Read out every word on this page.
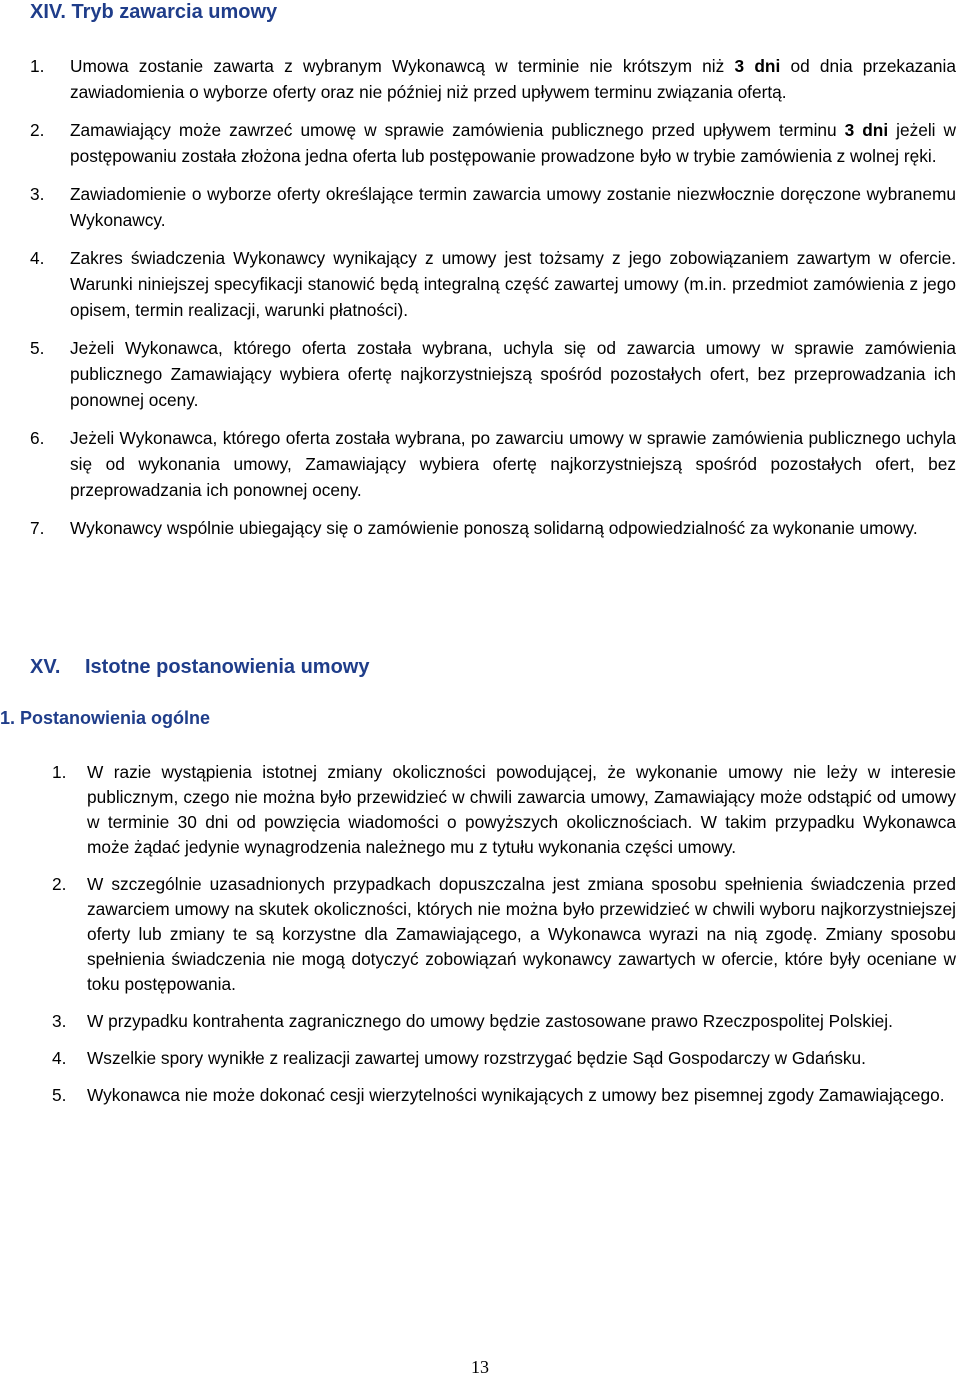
XIV. Tryb zawarcia umowy
1.	Umowa zostanie zawarta z wybranym Wykonawcą w terminie nie krótszym niż 3 dni od dnia przekazania zawiadomienia o wyborze oferty oraz nie później niż przed upływem terminu związania ofertą.
2.	Zamawiający może zawrzeć umowę w sprawie zamówienia publicznego przed upływem terminu 3 dni jeżeli w postępowaniu została złożona jedna oferta lub postępowanie prowadzone było w trybie zamówienia z wolnej ręki.
3.	Zawiadomienie o wyborze oferty określające termin zawarcia umowy zostanie niezwłocznie doręczone wybranemu Wykonawcy.
4.	Zakres świadczenia Wykonawcy wynikający z umowy jest tożsamy z jego zobowiązaniem zawartym w ofercie. Warunki niniejszej specyfikacji stanowić będą integralną część zawartej umowy (m.in. przedmiot zamówienia z jego opisem, termin realizacji, warunki płatności).
5.	Jeżeli Wykonawca, którego oferta została wybrana, uchyla się od zawarcia umowy w sprawie zamówienia publicznego Zamawiający wybiera ofertę najkorzystniejszą spośród pozostałych ofert, bez przeprowadzania ich ponownej oceny.
6.	Jeżeli Wykonawca, którego oferta została wybrana, po zawarciu umowy w sprawie zamówienia publicznego uchyla się od wykonania umowy, Zamawiający wybiera ofertę najkorzystniejszą spośród pozostałych ofert, bez przeprowadzania ich ponownej oceny.
7.	Wykonawcy wspólnie ubiegający się o zamówienie ponoszą solidarną odpowiedzialność za wykonanie umowy.
XV. Istotne postanowienia umowy
1. Postanowienia ogólne
1.	W razie wystąpienia istotnej zmiany okoliczności powodującej, że wykonanie umowy nie leży w interesie publicznym, czego nie można było przewidzieć w chwili zawarcia umowy, Zamawiający może odstąpić od umowy w terminie 30 dni od powzięcia wiadomości o powyższych okolicznościach. W takim przypadku Wykonawca może żądać jedynie wynagrodzenia należnego mu z tytułu wykonania części umowy.
2.	W szczególnie uzasadnionych przypadkach dopuszczalna jest zmiana sposobu spełnienia świadczenia przed zawarciem umowy na skutek okoliczności, których nie można było przewidzieć w chwili wyboru najkorzystniejszej oferty lub zmiany te są korzystne dla Zamawiającego, a Wykonawca wyrazi na nią zgodę. Zmiany sposobu spełnienia świadczenia nie mogą dotyczyć zobowiązań wykonawcy zawartych w ofercie, które były oceniane w toku postępowania.
3.	W przypadku kontrahenta zagranicznego do umowy będzie zastosowane prawo Rzeczpospolitej Polskiej.
4.	Wszelkie spory wynikłe z realizacji zawartej umowy rozstrzygać będzie Sąd Gospodarczy w Gdańsku.
5.	Wykonawca nie może dokonać cesji wierzytelności wynikających z umowy bez pisemnej zgody Zamawiającego.
13
